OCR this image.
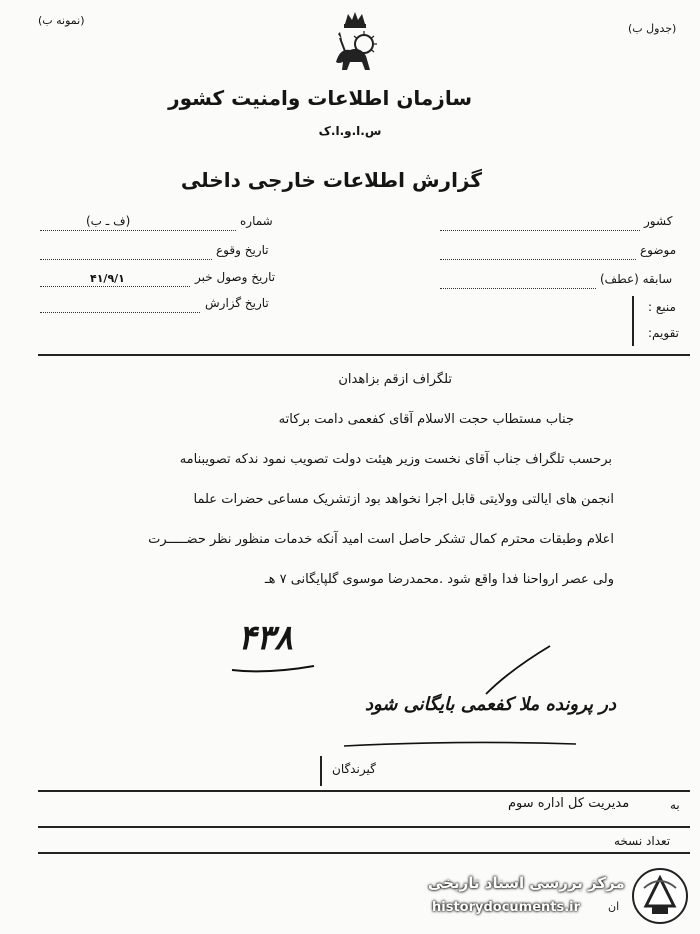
(نمونه ب)
(جدول ب)
سازمان اطلاعات وامنیت کشور
س.ا.و.ا.ک
گزارش اطلاعات خارجی داخلی
کشور
موضوع
سابقه (عطف)
منبع :
تقویم:
شماره
(ف ـ ب)
تاریخ وقوع
تاریخ وصول خبر
۴۱/۹/۱
تاریخ گزارش
تلگراف ازقم بزاهدان
جناب مستطاب حجت الاسلام آقای کفعمی دامت برکاته
برحسب تلگراف جناب آقای نخست وزیر هیئت دولت تصویب نمود ندکه تصویبنامه
انجمن های ایالتی وولایتی قابل اجرا نخواهد بود ازتشریک مساعی حضرات علما
اعلام وطبقات محترم کمال تشکر حاصل است امید آنکه خدمات منظور نظر حضـــــرت
ولی عصر ارواحنا فدا واقع شود .محمدرضا موسوی گلپایگانی ۷ هـ
۴۳۸
در پرونده ملا کفعمی بایگانی شود
گیرندگان
به
مدیریت کل اداره سوم
تعداد نسخه
ان
مرکز بررسی اسناد تاریخی
historydocuments.ir
